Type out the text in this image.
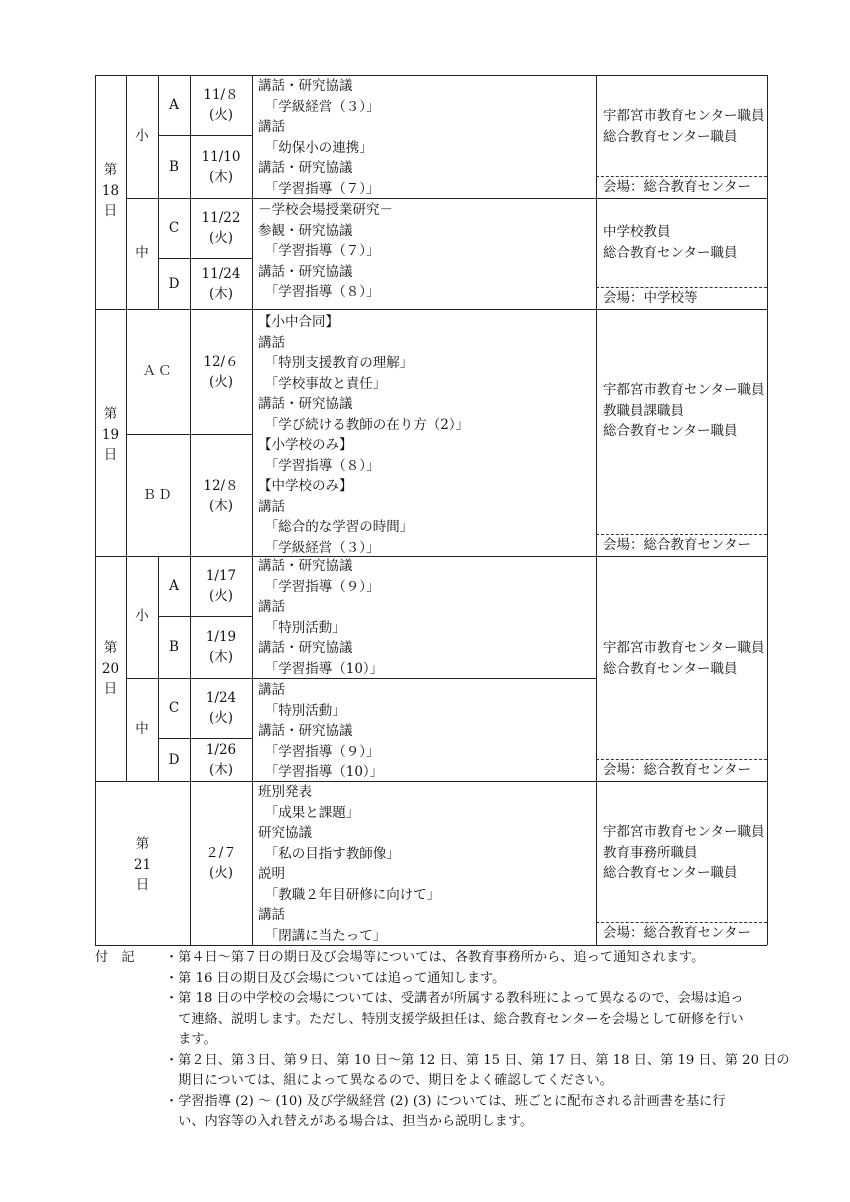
第
18
日
小
中
A
11/８
(火)
B
11/10
(木)
C
11/22
(火)
D
11/24
(木)
講話・研究協議
　「学級経営（３）」
講話
　「幼保小の連携」
講話・研究協議
　「学習指導（７）」
－学校会場授業研究－
参観・研究協議
　「学習指導（７）」
講話・研究協議
　「学習指導（８）」
宇都宮市教育センター職員
総合教育センター職員
会場：総合教育センター
中学校教員
総合教育センター職員
会場：中学校等
第
19
日
ＡＣ
12/６
(火)
ＢＤ
12/８
(木)
【小中合同】
講話
　「特別支援教育の理解」
　「学校事故と責任」
講話・研究協議
　「学び続ける教師の在り方（2）」
【小学校のみ】
　「学習指導（８）」
【中学校のみ】
講話
　「総合的な学習の時間」
　「学級経営（３）」
宇都宮市教育センター職員
教職員課職員
総合教育センター職員
会場：総合教育センター
第
20
日
小
中
A
1/17
(火)
B
1/19
(木)
C
1/24
(火)
D
1/26
(木)
講話・研究協議
　「学習指導（９）」
講話
　「特別活動」
講話・研究協議
　「学習指導（10）」
講話
　「特別活動」
講話・研究協議
　「学習指導（９）」
　「学習指導（10）」
宇都宮市教育センター職員
総合教育センター職員
会場：総合教育センター
第
21
日
２/７
(火)
班別発表
　「成果と課題」
研究協議
　「私の目指す教師像」
説明
　「教職２年目研修に向けて」
講話
　「閉講に当たって」
宇都宮市教育センター職員
教育事務所職員
総合教育センター職員
会場：総合教育センター
付　記 ・第４日～第７日の期日及び会場等については、各教育事務所から、追って通知されます。
・第 16 日の期日及び会場については追って通知します。
・第 18 日の中学校の会場については、受講者が所属する教科班によって異なるので、会場は追っ
　て連絡、説明します。ただし、特別支援学級担任は、総合教育センターを会場として研修を行い
　ます。
・第２日、第３日、第９日、第 10 日～第 12 日、第 15 日、第 17 日、第 18 日、第 19 日、第 20 日の
　期日については、組によって異なるので、期日をよく確認してください。
・学習指導 (2) ～ (10) 及び学級経営 (2) (3) については、班ごとに配布される計画書を基に行
　い、内容等の入れ替えがある場合は、担当から説明します。
